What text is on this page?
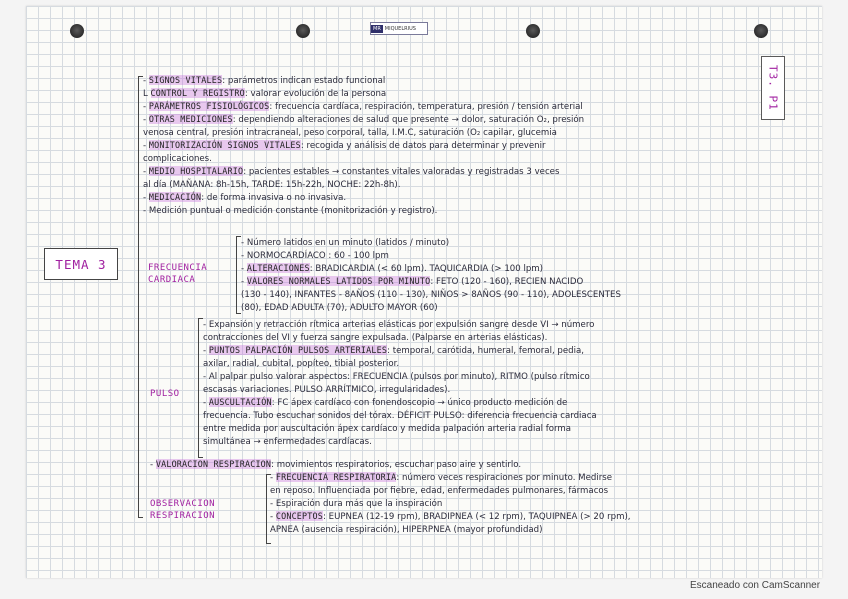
MR MIQUELRIUS
T3. P1
TEMA 3	FRECUENCIA
CARDIACA
PULSO
OBSERVACION
RESPIRACION
- SIGNOS VITALES: parámetros indican estado funcional
L CONTROL Y REGISTRO: valorar evolución de la persona
- PARÁMETROS FISIOLÓGICOS: frecuencia cardíaca, respiración, temperatura, presión / tensión arterial
- OTRAS MEDICIONES: dependiendo alteraciones de salud que presente → dolor, saturación O₂, presión
venosa central, presión intracraneal, peso corporal, talla, I.M.C, saturación (O₂ capilar, glucemia
- MONITORIZACIÓN SIGNOS VITALES: recogida y análisis de datos para determinar y prevenir
complicaciones.
- MEDIO HOSPITALARIO: pacientes estables → constantes vitales valoradas y registradas 3 veces
al día (MAÑANA: 8h-15h, TARDE: 15h-22h, NOCHE: 22h-8h).
- MEDICACIÓN: de forma invasiva o no invasiva.
- Medición puntual o medición constante (monitorización y registro).
- Número latidos en un minuto (latidos / minuto)
- NORMOCARDÍACO : 60 - 100 lpm
- ALTERACIONES: BRADICARDIA (< 60 lpm). TAQUICARDIA (> 100 lpm)
- VALORES NORMALES LATIDOS POR MINUTO: FETO (120 - 160), RECIEN NACIDO
(130 - 140), INFANTES - 8AÑOS (110 - 130), NIÑOS > 8AÑOS (90 - 110), ADOLESCENTES
(80), EDAD ADULTA (70), ADULTO MAYOR (60)
- Expansión y retracción rítmica arterias elásticas por expulsión sangre desde VI → número
contracciones del VI y fuerza sangre expulsada. (Palparse en arterias elásticas).
- PUNTOS PALPACIÓN PULSOS ARTERIALES: temporal, carótida, humeral, femoral, pedia,
axilar, radial, cubital, popíteo, tibial posterior.
- Al palpar pulso valorar aspectos: FRECUENCIA (pulsos por minuto), RITMO (pulso rítmico
escasas variaciones. PULSO ARRÍTMICO, irregularidades).
- AUSCULTACIÓN: FC ápex cardíaco con fonendoscopio → único producto medición de
frecuencia. Tubo escuchar sonidos del tórax. DÉFICIT PULSO: diferencia frecuencia cardiaca
entre medida por auscultación ápex cardíaco y medida palpación arteria radial forma
simultánea → enfermedades cardíacas.
- VALORACION RESPIRACION: movimientos respiratorios, escuchar paso aire y sentirlo.
- FRECUENCIA RESPIRATORIA: número veces respiraciones por minuto. Medirse
en reposo. Influenciada por fiebre, edad, enfermedades pulmonares, fármacos
- Espiración dura más que la inspiración
- CONCEPTOS: EUPNEA (12-19 rpm), BRADIPNEA (< 12 rpm), TAQUIPNEA (> 20 rpm),
APNEA (ausencia respiración), HIPERPNEA (mayor profundidad)
Escaneado con CamScanner
